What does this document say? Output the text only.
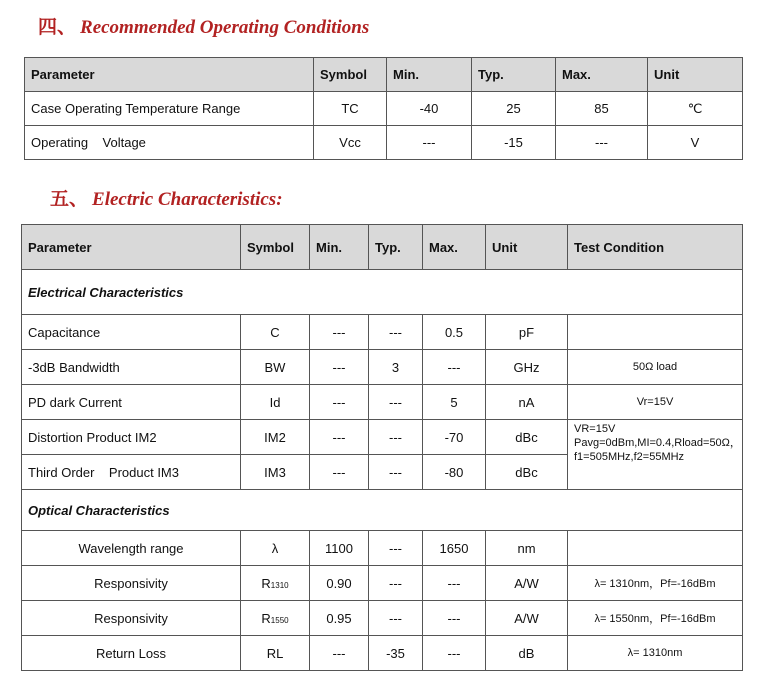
四、 Recommended Operating Conditions
Parameter	Symbol	Min.	Typ.	Max.	Unit
Case Operating Temperature Range	TC	-40	25	85	℃
Operating    Voltage	Vcc	---	-15	---	V
五、 Electric Characteristics:
Parameter	Symbol	Min.	Typ.	Max.	Unit	Test Condition
Electrical Characteristics						
Capacitance	C	---	---	0.5	pF	
-3dB Bandwidth	BW	---	3	---	GHz	50Ω load
PD dark Current	Id	---	---	5	nA	Vr=15V
Distortion Product IM2	IM2	---	---	-70	dBc	VR=15V
Pavg=0dBm,MI=0.4,Rload=50Ω，f1=505MHz,f2=55MHz

Third Order    Product IM3	IM3	---	---	-80	dBc	
Optical Characteristics						
Wavelength range	λ	1100	---	1650	nm	
Responsivity	R1310	0.90	---	---	A/W	λ= 1310nm，Pf=-16dBm
Responsivity	R1550	0.95	---	---	A/W	λ= 1550nm，Pf=-16dBm
Return Loss	RL	---	-35	---	dB	λ= 1310nm
